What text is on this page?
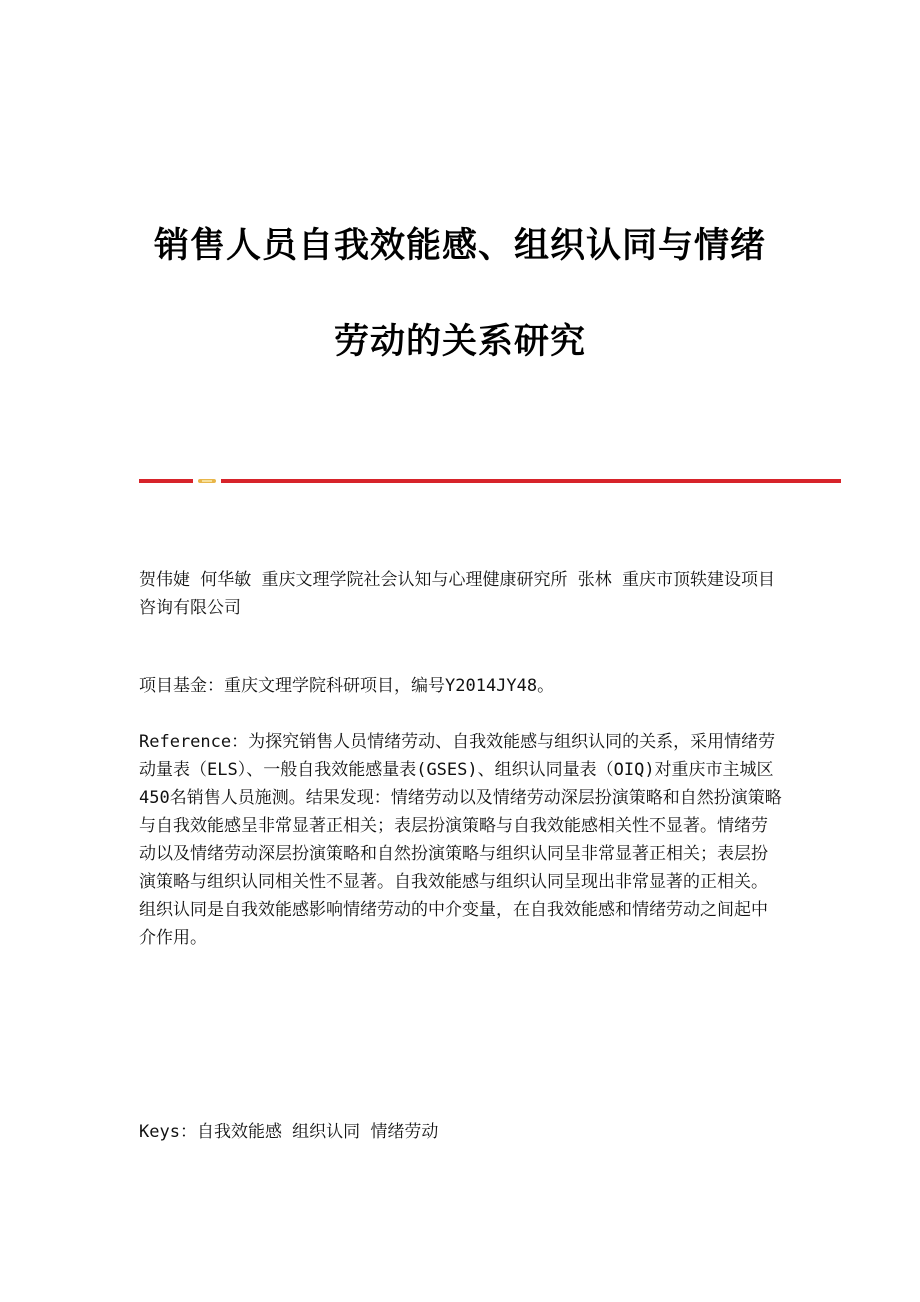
销售人员自我效能感、组织认同与情绪
劳动的关系研究

贺伟婕 何华敏 重庆文理学院社会认知与心理健康研究所 张林 重庆市顶轶建设项目咨询有限公司

项目基金：重庆文理学院科研项目，编号Y2014JY48。

Reference：为探究销售人员情绪劳动、自我效能感与组织认同的关系，采用情绪劳动量表（ELS）、一般自我效能感量表(GSES)、组织认同量表（OIQ)对重庆市主城区450名销售人员施测。结果发现：情绪劳动以及情绪劳动深层扮演策略和自然扮演策略与自我效能感呈非常显著正相关；表层扮演策略与自我效能感相关性不显著。情绪劳动以及情绪劳动深层扮演策略和自然扮演策略与组织认同呈非常显著正相关；表层扮演策略与组织认同相关性不显著。自我效能感与组织认同呈现出非常显著的正相关。组织认同是自我效能感影响情绪劳动的中介变量，在自我效能感和情绪劳动之间起中介作用。

Keys：自我效能感 组织认同 情绪劳动
